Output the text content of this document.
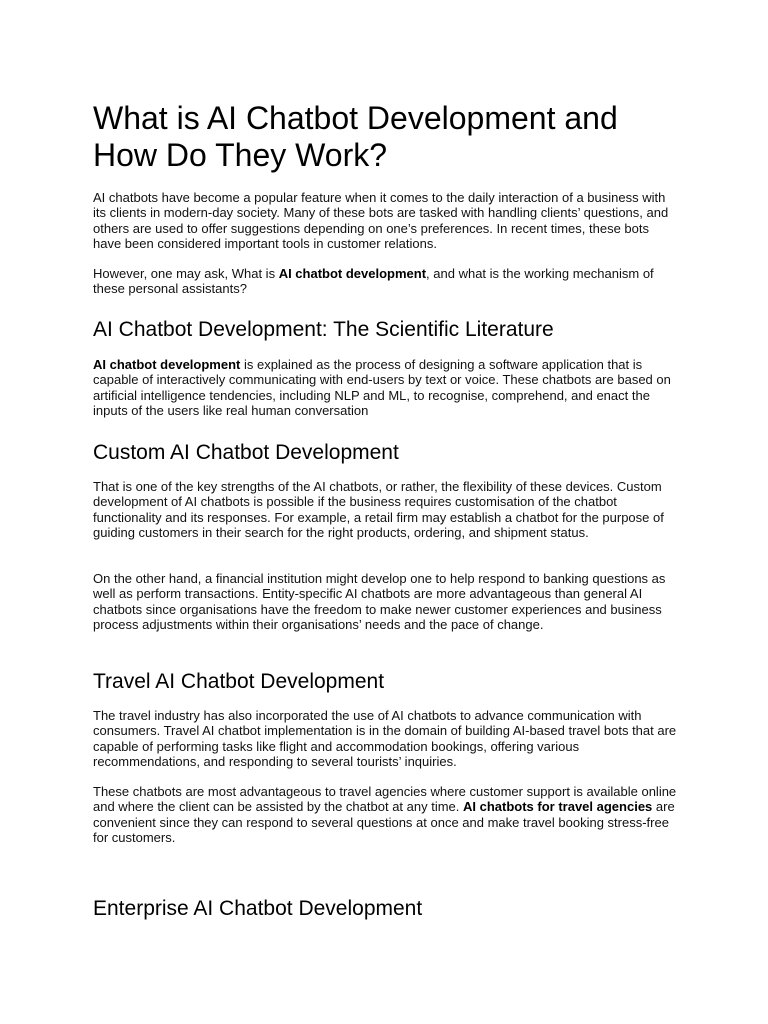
What is AI Chatbot Development and How Do They Work?

AI chatbots have become a popular feature when it comes to the daily interaction of a business with its clients in modern-day society. Many of these bots are tasked with handling clients’ questions, and others are used to offer suggestions depending on one’s preferences. In recent times, these bots have been considered important tools in customer relations.

However, one may ask, What is AI chatbot development, and what is the working mechanism of these personal assistants?

AI Chatbot Development: The Scientific Literature

AI chatbot development is explained as the process of designing a software application that is capable of interactively communicating with end-users by text or voice. These chatbots are based on artificial intelligence tendencies, including NLP and ML, to recognise, comprehend, and enact the inputs of the users like real human conversation

Custom AI Chatbot Development

That is one of the key strengths of the AI chatbots, or rather, the flexibility of these devices. Custom development of AI chatbots is possible if the business requires customisation of the chatbot functionality and its responses. For example, a retail firm may establish a chatbot for the purpose of guiding customers in their search for the right products, ordering, and shipment status.

On the other hand, a financial institution might develop one to help respond to banking questions as well as perform transactions. Entity-specific AI chatbots are more advantageous than general AI chatbots since organisations have the freedom to make newer customer experiences and business process adjustments within their organisations’ needs and the pace of change.

Travel AI Chatbot Development

The travel industry has also incorporated the use of AI chatbots to advance communication with consumers. Travel AI chatbot implementation is in the domain of building AI-based travel bots that are capable of performing tasks like flight and accommodation bookings, offering various recommendations, and responding to several tourists’ inquiries.

These chatbots are most advantageous to travel agencies where customer support is available online and where the client can be assisted by the chatbot at any time. AI chatbots for travel agencies are convenient since they can respond to several questions at once and make travel booking stress-free for customers.

Enterprise AI Chatbot Development
